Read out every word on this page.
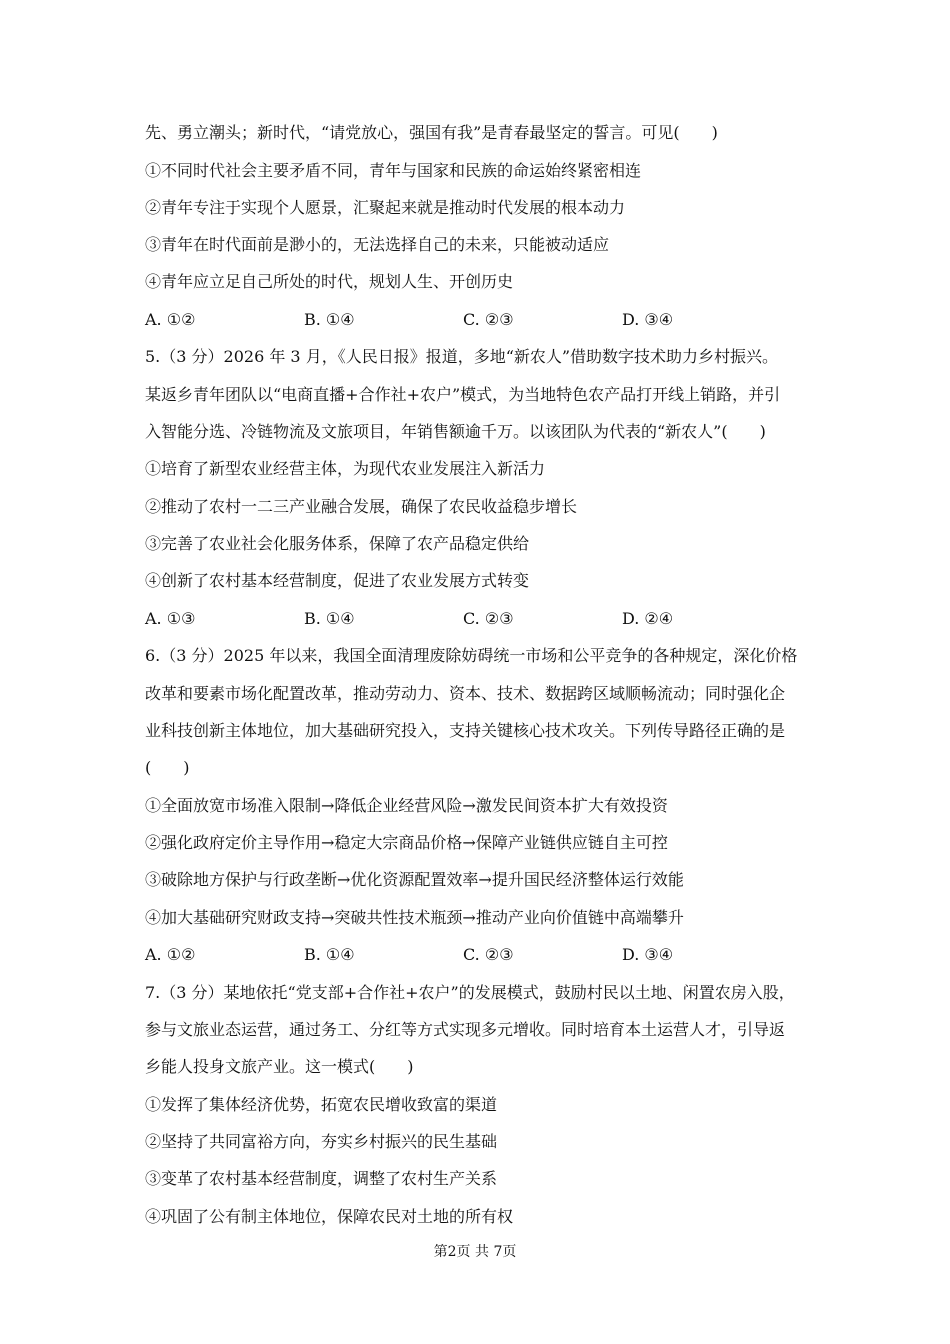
先、勇立潮头；新时代，“请党放心，强国有我”是青春最坚定的誓言。可见(　　)
①不同时代社会主要矛盾不同，青年与国家和民族的命运始终紧密相连
②青年专注于实现个人愿景，汇聚起来就是推动时代发展的根本动力
③青年在时代面前是渺小的，无法选择自己的未来，只能被动适应
④青年应立足自己所处的时代，规划人生、开创历史
A. ①②	B. ①④	C. ②③	D. ③④
5.（3 分）2026 年 3 月，《人民日报》报道，多地“新农人”借助数字技术助力乡村振兴。
某返乡青年团队以“电商直播+合作社+农户”模式，为当地特色农产品打开线上销路，并引
入智能分选、冷链物流及文旅项目，年销售额逾千万。以该团队为代表的“新农人”(　　)
①培育了新型农业经营主体，为现代农业发展注入新活力
②推动了农村一二三产业融合发展，确保了农民收益稳步增长
③完善了农业社会化服务体系，保障了农产品稳定供给
④创新了农村基本经营制度，促进了农业发展方式转变
A. ①③	B. ①④	C. ②③	D. ②④
6.（3 分）2025 年以来，我国全面清理废除妨碍统一市场和公平竞争的各种规定，深化价格
改革和要素市场化配置改革，推动劳动力、资本、技术、数据跨区域顺畅流动；同时强化企
业科技创新主体地位，加大基础研究投入，支持关键核心技术攻关。下列传导路径正确的是
(　　)
①全面放宽市场准入限制→降低企业经营风险→激发民间资本扩大有效投资
②强化政府定价主导作用→稳定大宗商品价格→保障产业链供应链自主可控
③破除地方保护与行政垄断→优化资源配置效率→提升国民经济整体运行效能
④加大基础研究财政支持→突破共性技术瓶颈→推动产业向价值链中高端攀升
A. ①②	B. ①④	C. ②③	D. ③④
7.（3 分）某地依托“党支部+合作社+农户”的发展模式，鼓励村民以土地、闲置农房入股，
参与文旅业态运营，通过务工、分红等方式实现多元增收。同时培育本土运营人才，引导返
乡能人投身文旅产业。这一模式(　　)
①发挥了集体经济优势，拓宽农民增收致富的渠道
②坚持了共同富裕方向，夯实乡村振兴的民生基础
③变革了农村基本经营制度，调整了农村生产关系
④巩固了公有制主体地位，保障农民对土地的所有权
第2页 共 7页
